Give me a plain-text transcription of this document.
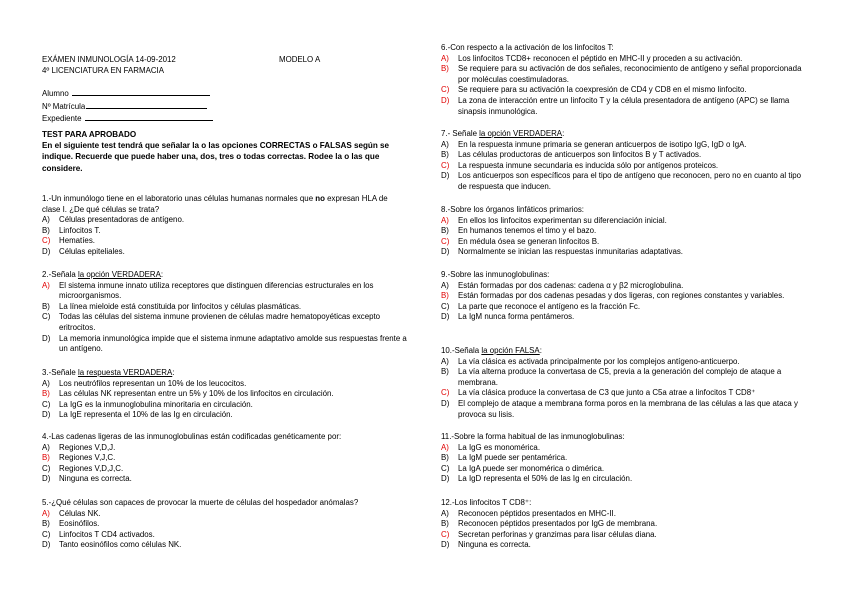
EXÁMEN INMUNOLOGÍA 14-09-2012	MODELO A
4º LICENCIATURA EN FARMACIA
Alumno
Nº Matrícula
Expediente
TEST PARA APROBADO
En el siguiente test tendrá que señalar la o las opciones CORRECTAS o FALSAS según se indique. Recuerde que puede haber una, dos, tres o todas correctas. Rodee la o las que considere.

1.-Un inmunólogo tiene en el laboratorio unas células humanas normales que no expresan HLA de clase I. ¿De qué células se trata?

A) Células presentadoras de antígeno.

B) Linfocitos T.

C) Hematíes.

D) Células epiteliales.

2.-Señala la opción VERDADERA:

A) El sistema inmune innato utiliza receptores que distinguen diferencias estructurales en los microorganismos.

B) La línea mieloide está constituida por linfocitos y células plasmáticas.

C) Todas las células del sistema inmune provienen de células madre hematopoyéticas excepto eritrocitos.

D) La memoria inmunológica impide que el sistema inmune adaptativo amolde sus respuestas frente a un antígeno.

3.-Señale la respuesta VERDADERA:

A) Los neutrófilos representan un 10% de los leucocitos.

B) Las células NK representan entre un 5% y 10% de los linfocitos en circulación.

C) La IgG es la inmunoglobulina minoritaria en circulación.

D) La IgE representa el 10% de las Ig en circulación.

4.-Las cadenas ligeras de las inmunoglobulinas están codificadas genéticamente por:

A) Regiones V,D,J.

B) Regiones V,J,C.

C) Regiones V,D,J,C.

D) Ninguna es correcta.

5.-¿Qué células son capaces de provocar la muerte de células del hospedador anómalas?

A) Células NK.

B) Eosinófilos.

C) Linfocitos T CD4 activados.

D) Tanto eosinófilos como células NK.

6.-Con respecto a la activación de los linfocitos T:

A) Los linfocitos TCD8+ reconocen el péptido en MHC-II y proceden a su activación.

B) Se requiere para su activación de dos señales, reconocimiento de antígeno y señal proporcionada por moléculas coestimuladoras.

C) Se requiere para su activación la coexpresión de CD4 y CD8 en el mismo linfocito.

D) La zona de interacción entre un linfocito T y la célula presentadora de antígeno (APC) se llama sinapsis inmunológica.

7.- Señale la opción VERDADERA:

A) En la respuesta inmune primaria se generan anticuerpos de isotipo IgG, IgD o IgA.

B) Las células productoras de anticuerpos son linfocitos B y T activados.

C) La respuesta inmune secundaria es inducida sólo por antígenos proteicos.

D) Los anticuerpos son específicos para el tipo de antígeno que reconocen, pero no en cuanto al tipo de respuesta que inducen.

8.-Sobre los órganos linfáticos primarios:

A) En ellos los linfocitos experimentan su diferenciación inicial.

B) En humanos tenemos el timo y el bazo.

C) En médula ósea se generan linfocitos B.

D) Normalmente se inician las respuestas inmunitarias adaptativas.

9.-Sobre las inmunoglobulinas:

A) Están formadas por dos cadenas: cadena α y β2 microglobulina.

B) Están formadas por dos cadenas pesadas y dos ligeras, con regiones constantes y variables.

C) La parte que reconoce el antígeno es la fracción Fc.

D) La IgM nunca forma pentámeros.

10.-Señala la opción FALSA:

A) La vía clásica es activada principalmente por los complejos antígeno-anticuerpo.

B) La vía alterna produce la convertasa de C5, previa a la generación del complejo de ataque a membrana.

C) La vía clásica produce la convertasa de C3 que junto a C5a atrae a linfocitos T CD8⁺

D) El complejo de ataque a membrana forma poros en la membrana de las células a las que ataca y provoca su lisis.

11.-Sobre la forma habitual de las inmunoglobulinas:

A) La IgG es monomérica.

B) La IgM puede ser pentamérica.

C) La IgA puede ser monomérica o dimérica.

D) La IgD representa el 50% de las Ig en circulación.

12.-Los linfocitos T CD8⁺:

A) Reconocen péptidos presentados en MHC-II.

B) Reconocen péptidos presentados por IgG de membrana.

C) Secretan perforinas y granzimas para lisar células diana.

D) Ninguna es correcta.
